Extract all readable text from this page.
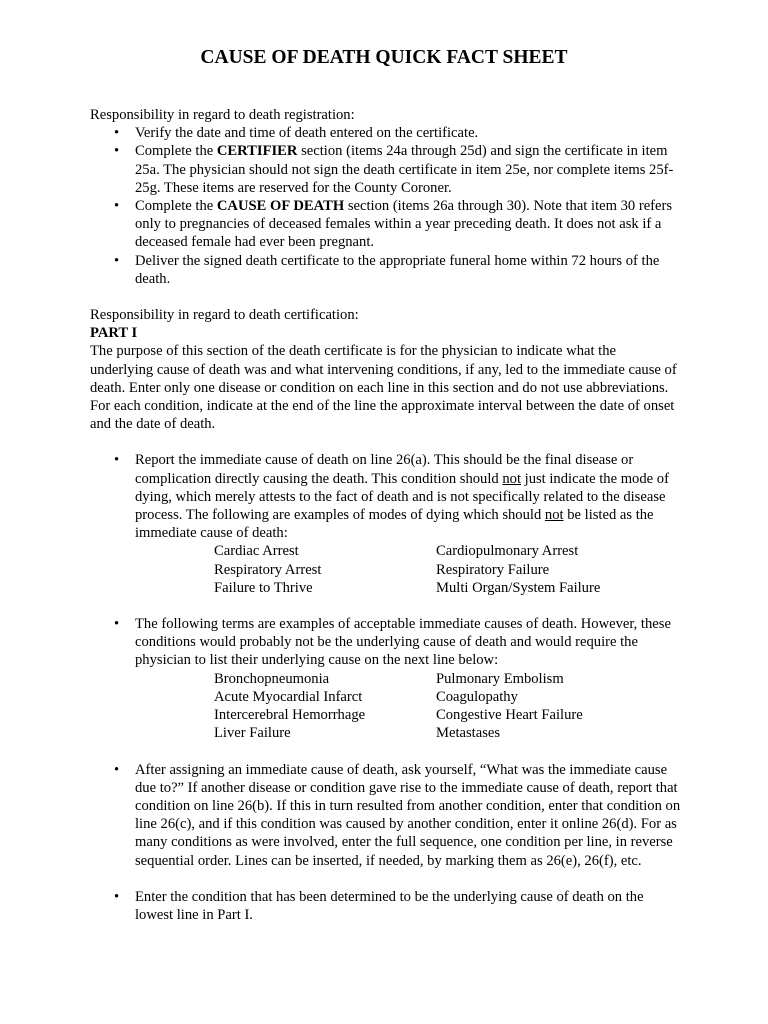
CAUSE OF DEATH QUICK FACT SHEET

Responsibility in regard to death registration:

• Verify the date and time of death entered on the certificate.
• Complete the CERTIFIER section (items 24a through 25d) and sign the certificate in item 25a. The physician should not sign the death certificate in item 25e, nor complete items 25f-25g. These items are reserved for the County Coroner.
• Complete the CAUSE OF DEATH section (items 26a through 30). Note that item 30 refers only to pregnancies of deceased females within a year preceding death. It does not ask if a deceased female had ever been pregnant.
• Deliver the signed death certificate to the appropriate funeral home within 72 hours of the death.

Responsibility in regard to death certification:

PART I

The purpose of this section of the death certificate is for the physician to indicate what the underlying cause of death was and what intervening conditions, if any, led to the immediate cause of death. Enter only one disease or condition on each line in this section and do not use abbreviations. For each condition, indicate at the end of the line the approximate interval between the date of onset and the date of death.

• Report the immediate cause of death on line 26(a). This should be the final disease or complication directly causing the death. This condition should not just indicate the mode of dying, which merely attests to the fact of death and is not specifically related to the disease process. The following are examples of modes of dying which should not be listed as the immediate cause of death:
Cardiac Arrest	Cardiopulmonary Arrest
Respiratory Arrest	Respiratory Failure
Failure to Thrive	Multi Organ/System Failure
• The following terms are examples of acceptable immediate causes of death. However, these conditions would probably not be the underlying cause of death and would require the physician to list their underlying cause on the next line below:
Bronchopneumonia	Pulmonary Embolism
Acute Myocardial Infarct	Coagulopathy
Intercerebral Hemorrhage	Congestive Heart Failure
Liver Failure	Metastases
• After assigning an immediate cause of death, ask yourself, “What was the immediate cause due to?” If another disease or condition gave rise to the immediate cause of death, report that condition on line 26(b). If this in turn resulted from another condition, enter that condition on line 26(c), and if this condition was caused by another condition, enter it online 26(d). For as many conditions as were involved, enter the full sequence, one condition per line, in reverse sequential order. Lines can be inserted, if needed, by marking them as 26(e), 26(f), etc.
• Enter the condition that has been determined to be the underlying cause of death on the lowest line in Part I.
